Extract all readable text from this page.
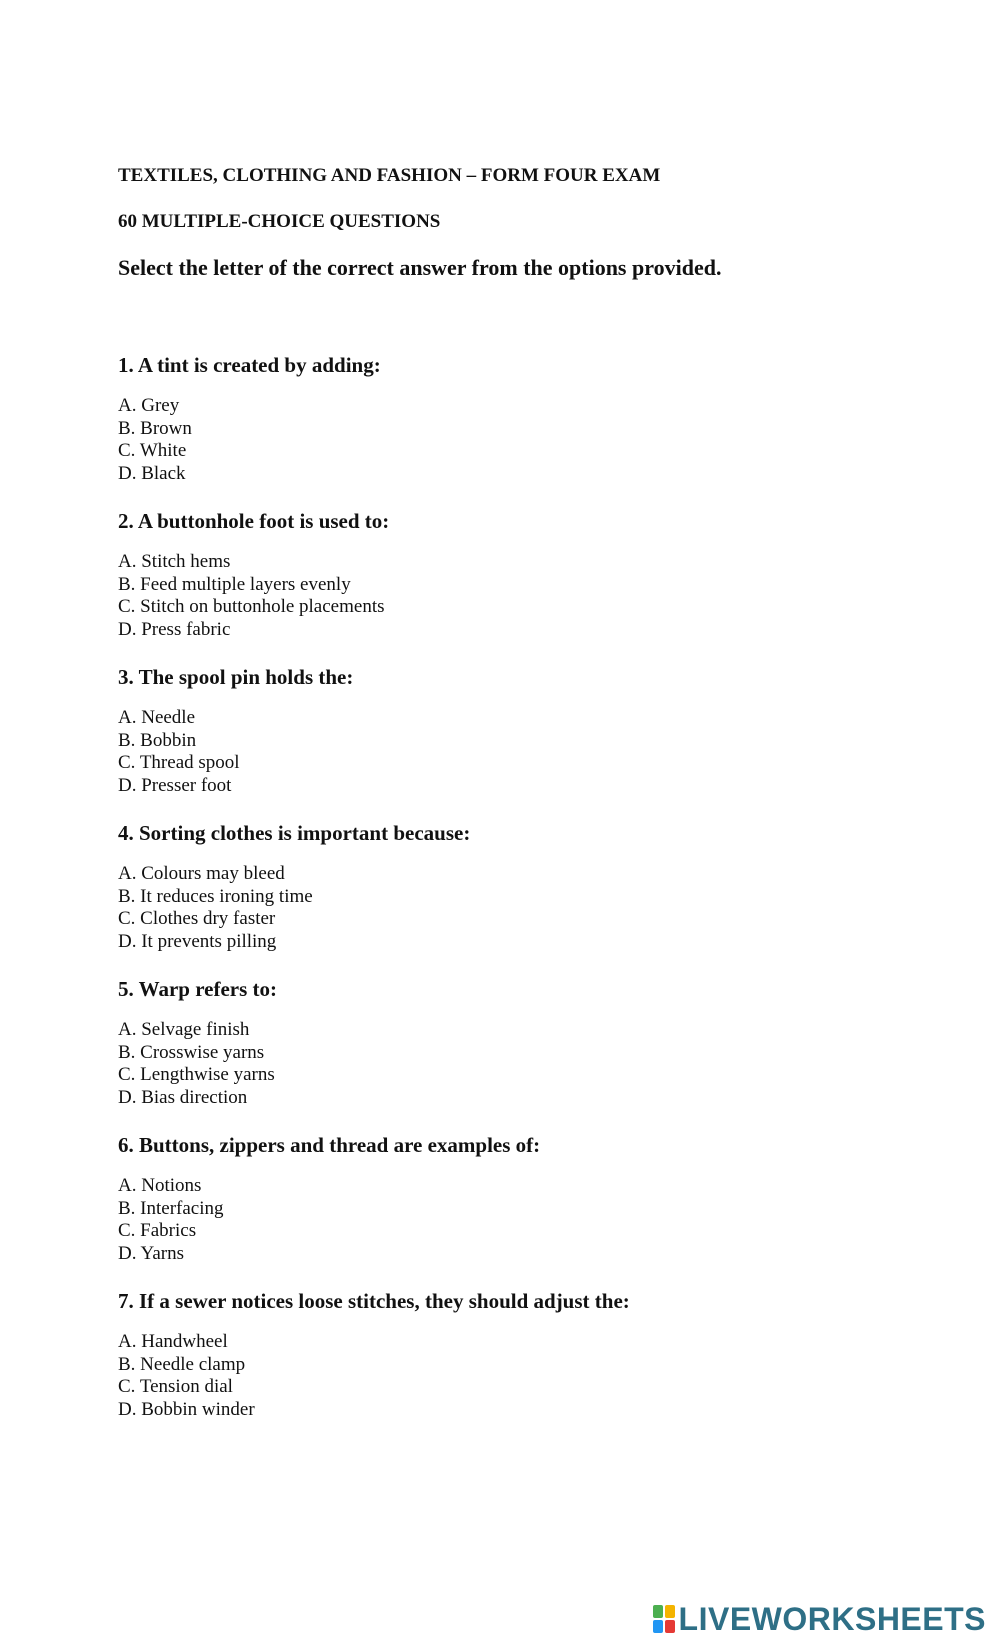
TEXTILES, CLOTHING AND FASHION – FORM FOUR EXAM

60 MULTIPLE-CHOICE QUESTIONS

Select the letter of the correct answer from the options provided.

1. A tint is created by adding:

A. Grey

B. Brown

C. White

D. Black

2. A buttonhole foot is used to:

A. Stitch hems

B. Feed multiple layers evenly

C. Stitch on buttonhole placements

D. Press fabric

3. The spool pin holds the:

A. Needle

B. Bobbin

C. Thread spool

D. Presser foot

4. Sorting clothes is important because:

A. Colours may bleed

B. It reduces ironing time

C. Clothes dry faster

D. It prevents pilling

5. Warp refers to:

A. Selvage finish

B. Crosswise yarns

C. Lengthwise yarns

D. Bias direction

6. Buttons, zippers and thread are examples of:

A. Notions

B. Interfacing

C. Fabrics

D. Yarns

7. If a sewer notices loose stitches, they should adjust the:

A. Handwheel

B. Needle clamp

C. Tension dial

D. Bobbin winder

LIVEWORKSHEETS
